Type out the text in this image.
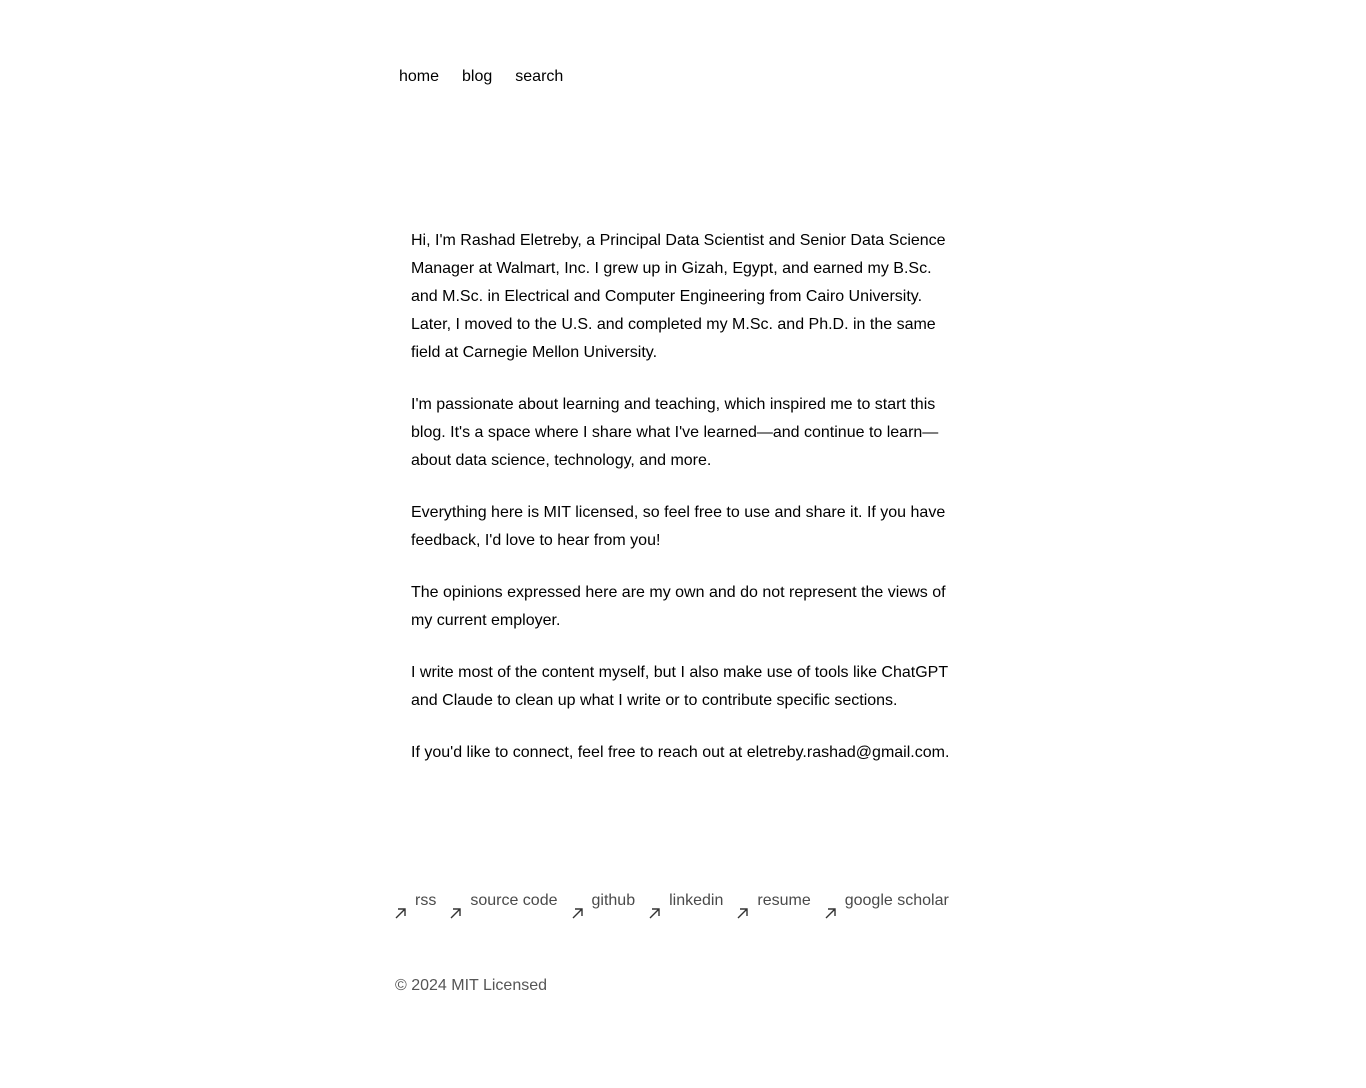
home blog search

Hi, I'm Rashad Eletreby, a Principal Data Scientist and Senior Data Science Manager at Walmart, Inc. I grew up in Gizah, Egypt, and earned my B.Sc. and M.Sc. in Electrical and Computer Engineering from Cairo University. Later, I moved to the U.S. and completed my M.Sc. and Ph.D. in the same field at Carnegie Mellon University.

I'm passionate about learning and teaching, which inspired me to start this blog. It's a space where I share what I've learned—and continue to learn—about data science, technology, and more.

Everything here is MIT licensed, so feel free to use and share it. If you have feedback, I'd love to hear from you!

The opinions expressed here are my own and do not represent the views of my current employer.

I write most of the content myself, but I also make use of tools like ChatGPT and Claude to clean up what I write or to contribute specific sections.

If you'd like to connect, feel free to reach out at eletreby.rashad@gmail.com.

rss source code github linkedin resume google scholar
© 2024 MIT Licensed
